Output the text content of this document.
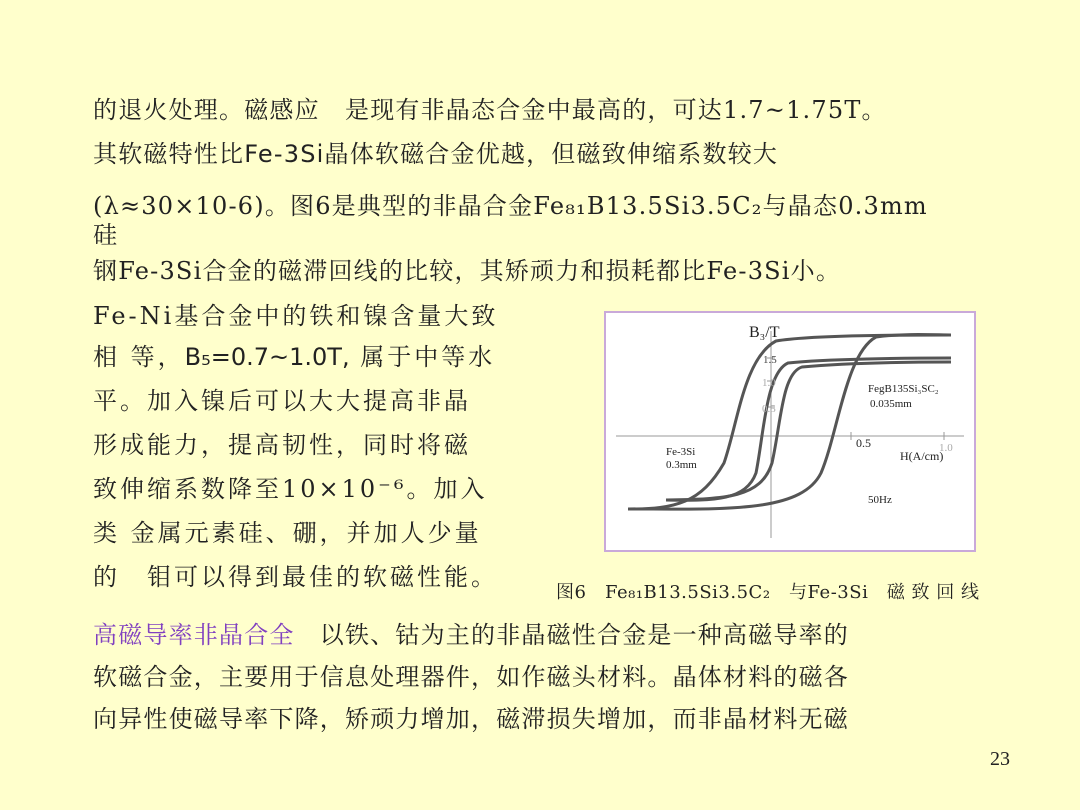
的退火处理。磁感应　是现有非晶态合金中最高的，可达1.7~1.75T。
其软磁特性比Fe-3Si晶体软磁合金优越，但磁致伸缩系数较大
(λ≈30×10-6)。图6是典型的非晶合金Fe₈₁B13.5Si3.5C₂与晶态0.3mm
硅
钢Fe-3Si合金的磁滞回线的比较，其矫顽力和损耗都比Fe-3Si小。
Fe-Ni基合金中的铁和镍含量大致
相 等，B₅=0.7~1.0T, 属于中等水
平。加入镍后可以大大提高非晶
形成能力，提高韧性，同时将磁
致伸缩系数降至10×10⁻⁶。加入
类 金属元素硅、硼，并加人少量
的　钼可以得到最佳的软磁性能。
B₃/T
1.5
1.0
0.5
FegB135Si₃SC₂
0.035mm
Fe-3Si
0.3mm
0.5	1.0
H(A/cm)
50Hz
图6　Fe₈₁B13.5Si3.5C₂　与Fe-3Si　磁 致 回 线
高磁导率非晶合全　以铁、钴为主的非晶磁性合金是一种高磁导率的
软磁合金，主要用于信息处理器件，如作磁头材料。晶体材料的磁各
向异性使磁导率下降，矫顽力增加，磁滞损失增加，而非晶材料无磁
23
